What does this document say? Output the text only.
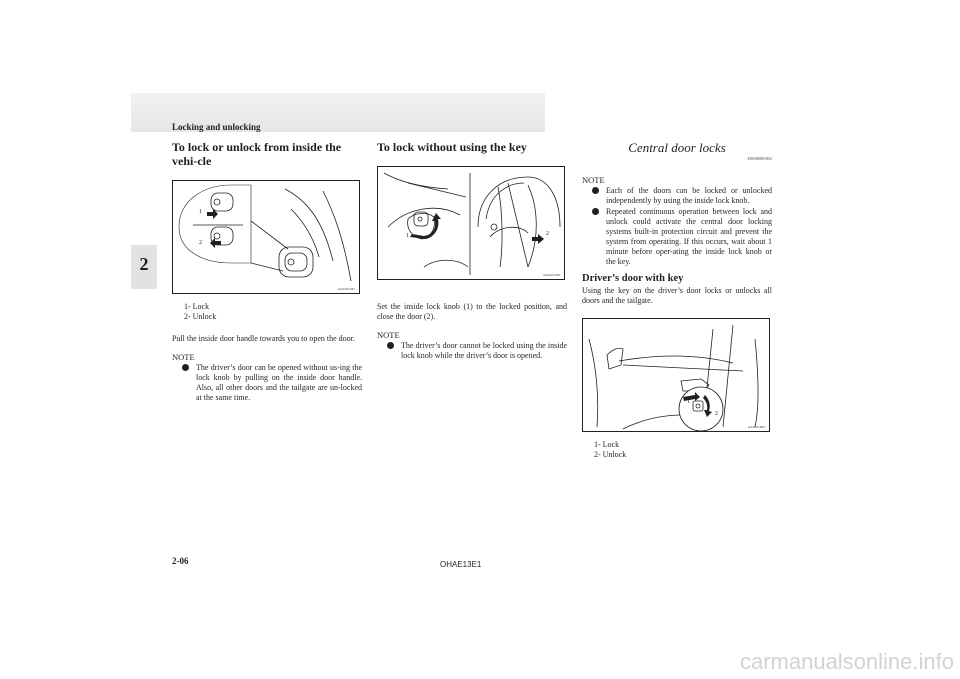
Locking and unlocking
2
To lock or unlock from inside the vehi-cle
1
2
AA0101947
1- Lock
2- Unlock

Pull the inside door handle towards you to open the door.

NOTE
The driver’s door can be opened without us-ing the lock knob by pulling on the inside door handle. Also, all other doors and the tailgate are un-locked at the same time.
To lock without using the key
1	2
AA0101950

Set the inside lock knob (1) to the locked position, and close the door (2).

NOTE
The driver’s door cannot be locked using the inside lock knob while the driver’s door is opened.
Central door locks
E00300801852
NOTE
Each of the doors can be locked or unlocked independently by using the inside lock knob.
Repeated continuous operation between lock and unlock could activate the central door locking systems built-in protection circuit and prevent the system from operating. If this occurs, wait about 1 minute before oper-ating the inside lock knob or the key.
Driver’s door with key

Using the key on the driver’s door locks or unlocks all doors and the tailgate.

1
2
AA0101963
1- Lock
2- Unlock
2-06	OHAE13E1
carmanualsonline.info
